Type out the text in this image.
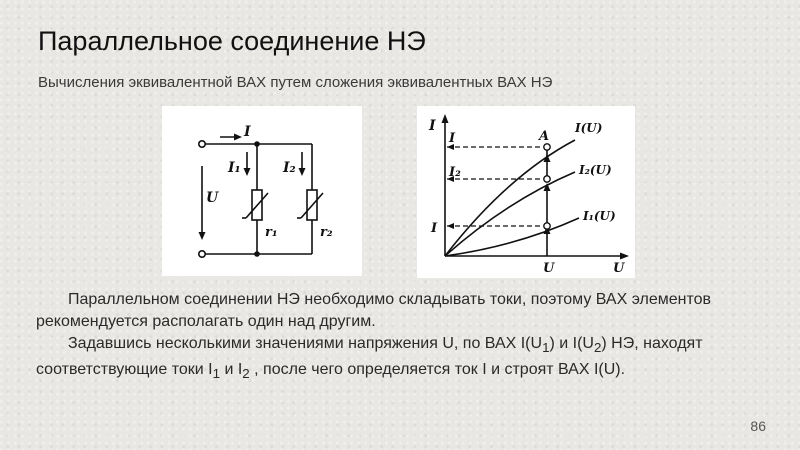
Параллельное соединение НЭ
Вычисления эквивалентной ВАХ путем сложения эквивалентных ВАХ НЭ
I
I₁	I₂
U
r₁	r₂
I
U
I
I₂
I
U
A
I(U)
I₂(U)
I₁(U)

Параллельном соединении НЭ необходимо складывать токи, поэтому ВАХ элементов рекомендуется располагать один над другим.

Задавшись несколькими значениями напряжения U, по ВАХ $I(U_1)$ и $I(U_2)$ НЭ, находят соответствующие токи $I_1$ и $I_2$ , после чего определяется ток I и строят ВАХ I(U).

86
